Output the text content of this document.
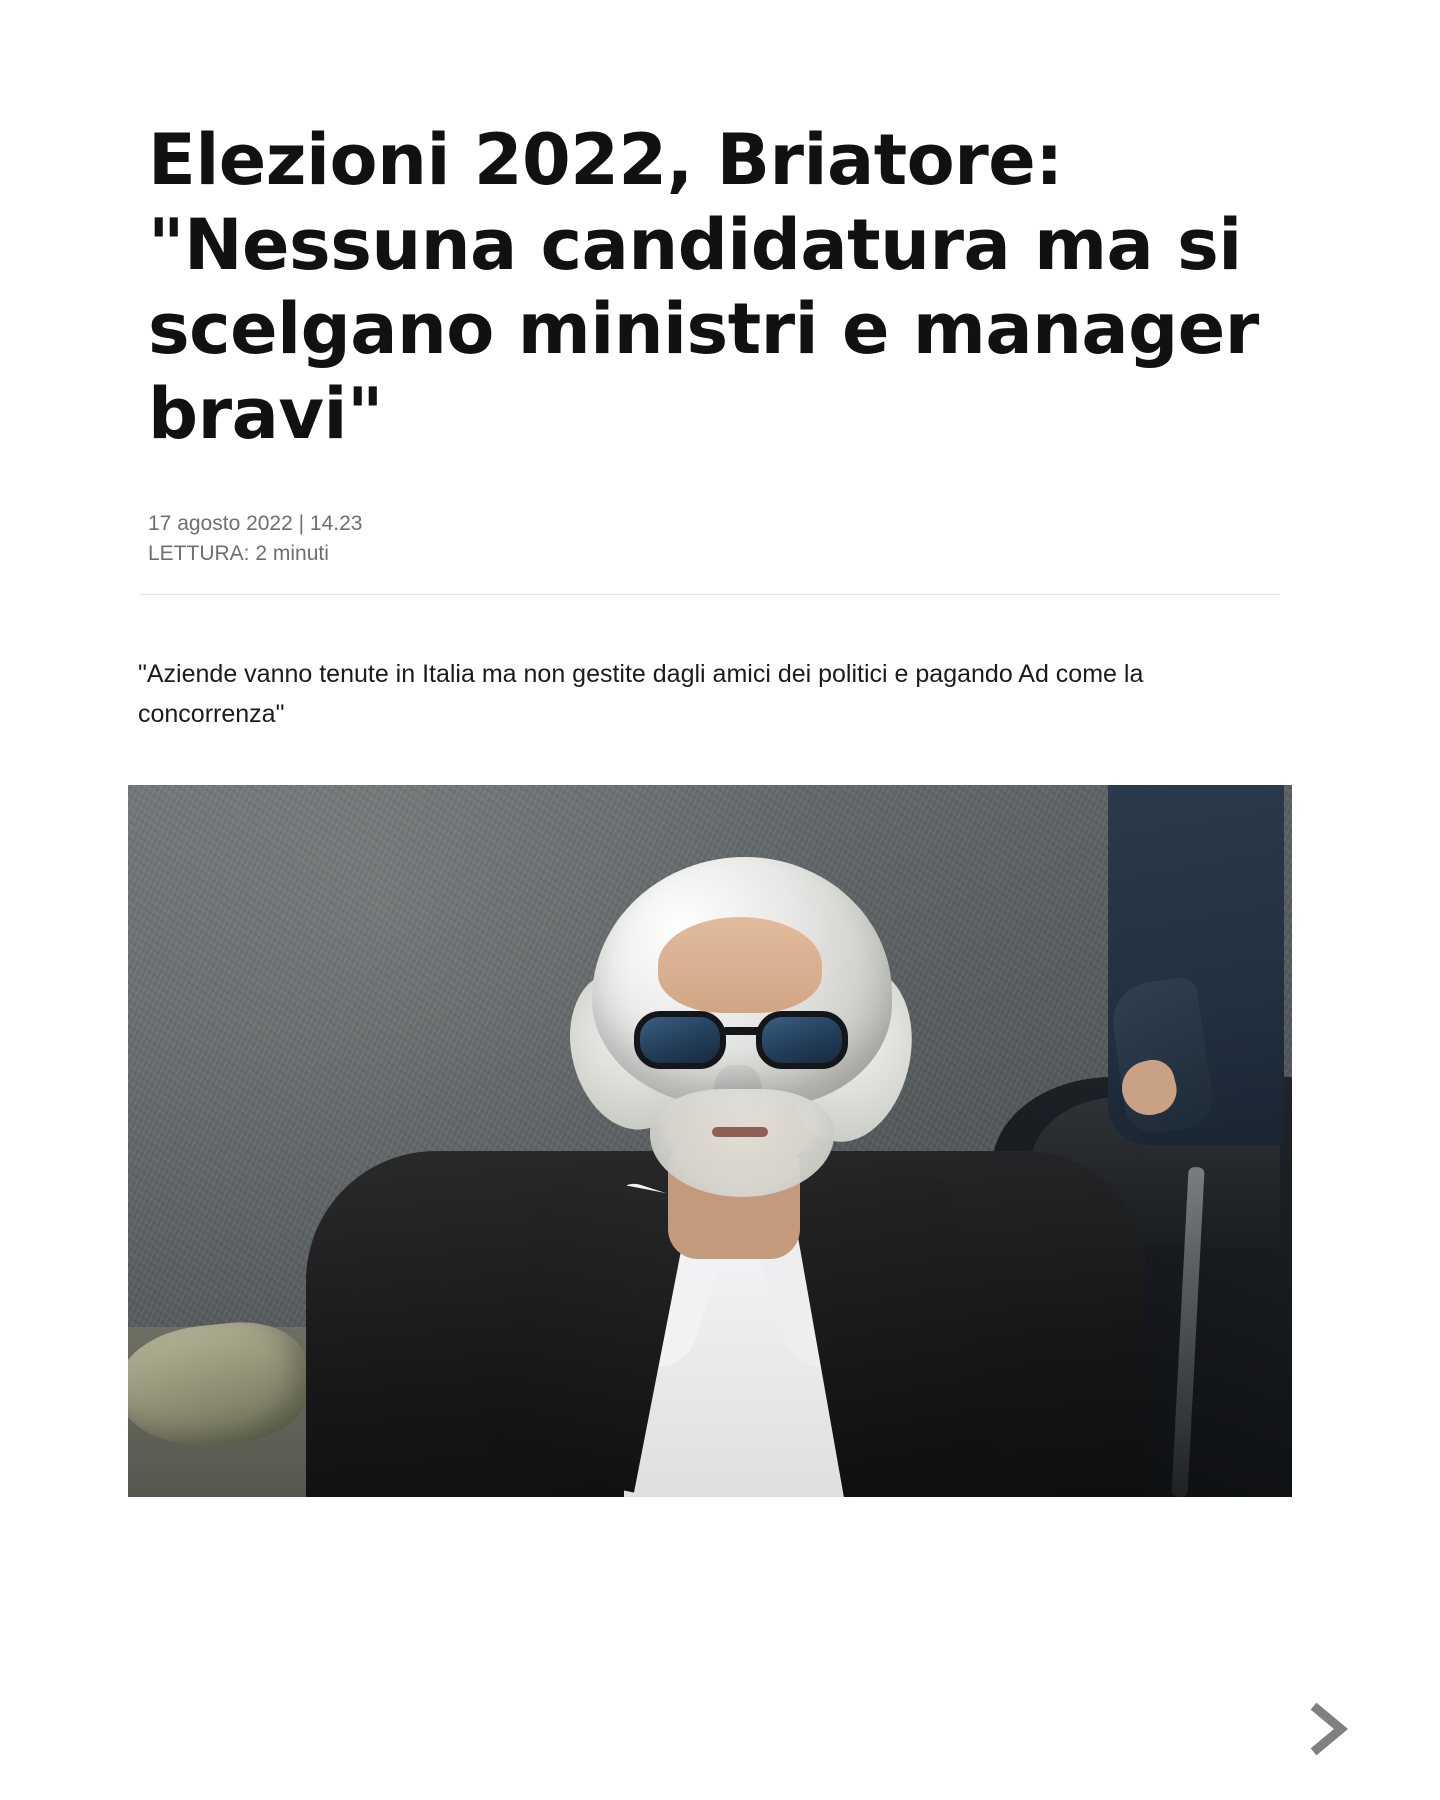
Elezioni 2022, Briatore: "Nessuna candidatura ma si scelgano ministri e manager bravi"
17 agosto 2022 | 14.23
LETTURA: 2 minuti

"Aziende vanno tenute in Italia ma non gestite dagli amici dei politici e pagando Ad come la concorrenza"
